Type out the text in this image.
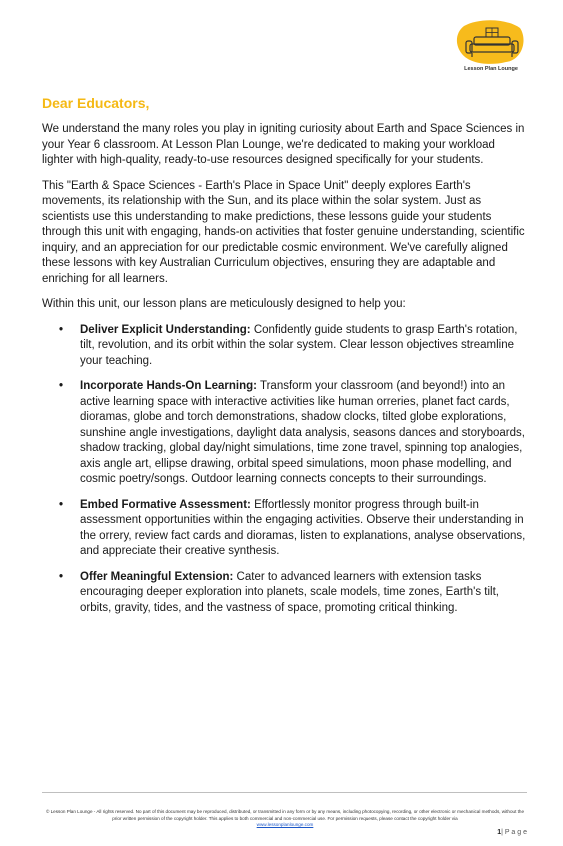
Lesson Plan Lounge
Dear Educators,

We understand the many roles you play in igniting curiosity about Earth and Space Sciences in your Year 6 classroom. At Lesson Plan Lounge, we're dedicated to making your workload lighter with high-quality, ready-to-use resources designed specifically for your students.

This "Earth & Space Sciences - Earth's Place in Space Unit" deeply explores Earth's movements, its relationship with the Sun, and its place within the solar system. Just as scientists use this understanding to make predictions, these lessons guide your students through this unit with engaging, hands-on activities that foster genuine understanding, scientific inquiry, and an appreciation for our predictable cosmic environment. We've carefully aligned these lessons with key Australian Curriculum objectives, ensuring they are adaptable and enriching for all learners.

Within this unit, our lesson plans are meticulously designed to help you:

• Deliver Explicit Understanding: Confidently guide students to grasp Earth's rotation, tilt, revolution, and its orbit within the solar system. Clear lesson objectives streamline your teaching.
• Incorporate Hands-On Learning: Transform your classroom (and beyond!) into an active learning space with interactive activities like human orreries, planet fact cards, dioramas, globe and torch demonstrations, shadow clocks, tilted globe explorations, sunshine angle investigations, daylight data analysis, seasons dances and storyboards, shadow tracking, global day/night simulations, time zone travel, spinning top analogies, axis angle art, ellipse drawing, orbital speed simulations, moon phase modelling, and cosmic poetry/songs. Outdoor learning connects concepts to their surroundings.
• Embed Formative Assessment: Effortlessly monitor progress through built-in assessment opportunities within the engaging activities. Observe their understanding in the orrery, review fact cards and dioramas, listen to explanations, analyse observations, and appreciate their creative synthesis.
• Offer Meaningful Extension: Cater to advanced learners with extension tasks encouraging deeper exploration into planets, scale models, time zones, Earth's tilt, orbits, gravity, tides, and the vastness of space, promoting critical thinking.
© Lesson Plan Lounge - All rights reserved. No part of this document may be reproduced, distributed, or transmitted in any form or by any means, including photocopying, recording, or other electronic or mechanical methods, without the prior written permission of the copyright holder. This applies to both commercial and non-commercial use. For permission requests, please contact the copyright holder via
www.lessonplanlounge.com
1| P a g e
